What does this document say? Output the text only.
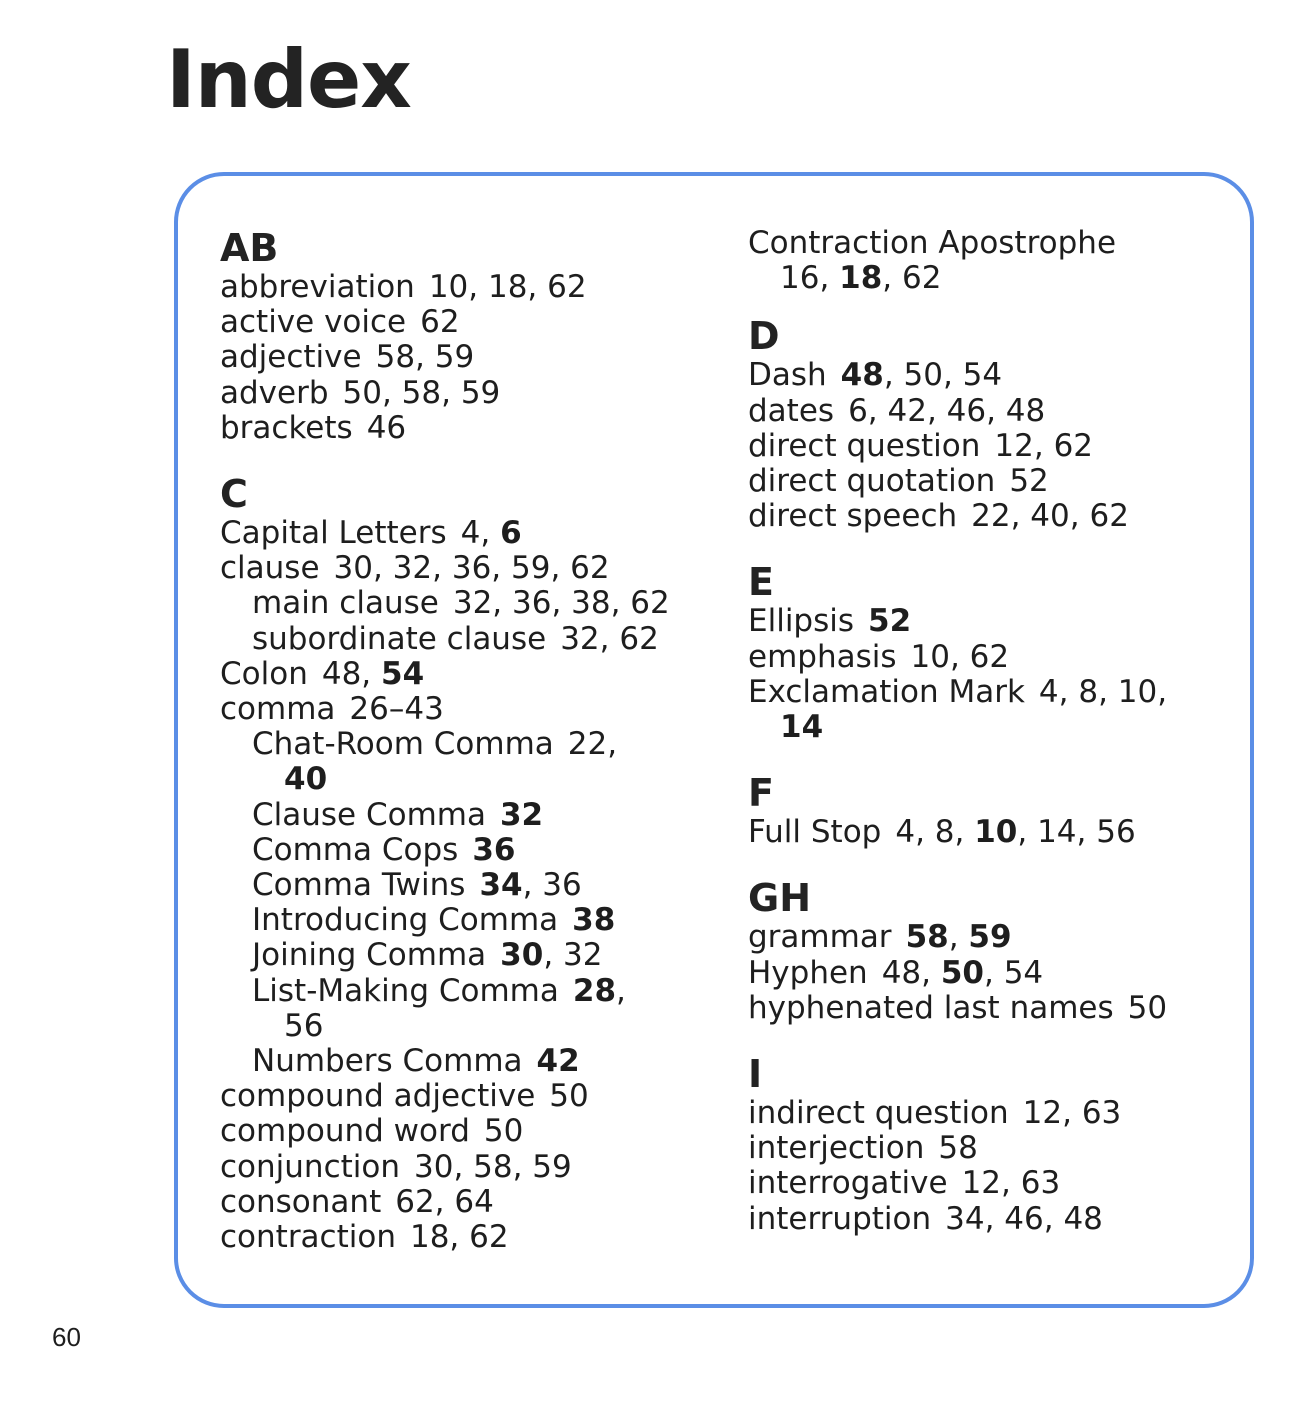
Index
AB
abbreviation 10, 18, 62
active voice 62
adjective 58, 59
adverb 50, 58, 59
brackets 46
C
Capital Letters 4, 6
clause 30, 32, 36, 59, 62
main clause 32, 36, 38, 62
subordinate clause 32, 62
Colon 48, 54
comma 26–43
Chat-Room Comma 22,
40
Clause Comma 32
Comma Cops 36
Comma Twins 34, 36
Introducing Comma 38
Joining Comma 30, 32
List-Making Comma 28,
56
Numbers Comma 42
compound adjective 50
compound word 50
conjunction 30, 58, 59
consonant 62, 64
contraction 18, 62
Contraction Apostrophe
16, 18, 62
D
Dash 48, 50, 54
dates 6, 42, 46, 48
direct question 12, 62
direct quotation 52
direct speech 22, 40, 62
E
Ellipsis 52
emphasis 10, 62
Exclamation Mark 4, 8, 10,
14
F
Full Stop 4, 8, 10, 14, 56
GH
grammar 58, 59
Hyphen 48, 50, 54
hyphenated last names 50
I
indirect question 12, 63
interjection 58
interrogative 12, 63
interruption 34, 46, 48
60
